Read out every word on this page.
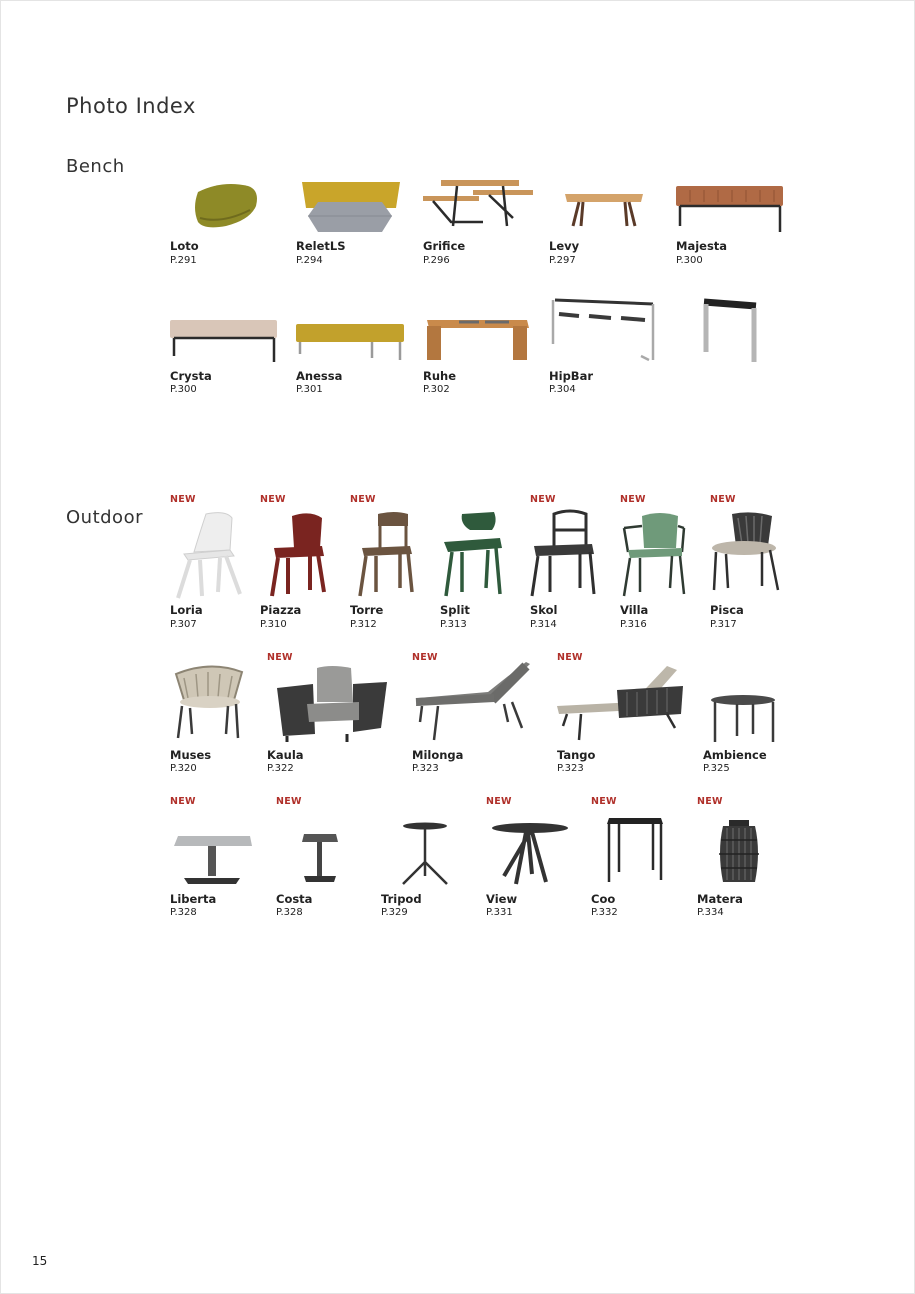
Photo Index
Bench
Outdoor
Loto
P.291
ReletLS
P.294
Grifice
P.296
Levy
P.297
Majesta
P.300
Crysta
P.300
Anessa
P.301
Ruhe
P.302
HipBar
P.304
NEW
Loria
P.307
NEW
Piazza
P.310
NEW
Torre
P.312
Split
P.313
NEW
Skol
P.314
NEW
Villa
P.316
NEW
Pisca
P.317
Muses
P.320
NEW
Kaula
P.322
NEW
Milonga
P.323
NEW
Tango
P.323
Ambience
P.325
NEW
Liberta
P.328
NEW
Costa
P.328
Tripod
P.329
NEW
View
P.331
NEW
Coo
P.332
NEW
Matera
P.334
15
